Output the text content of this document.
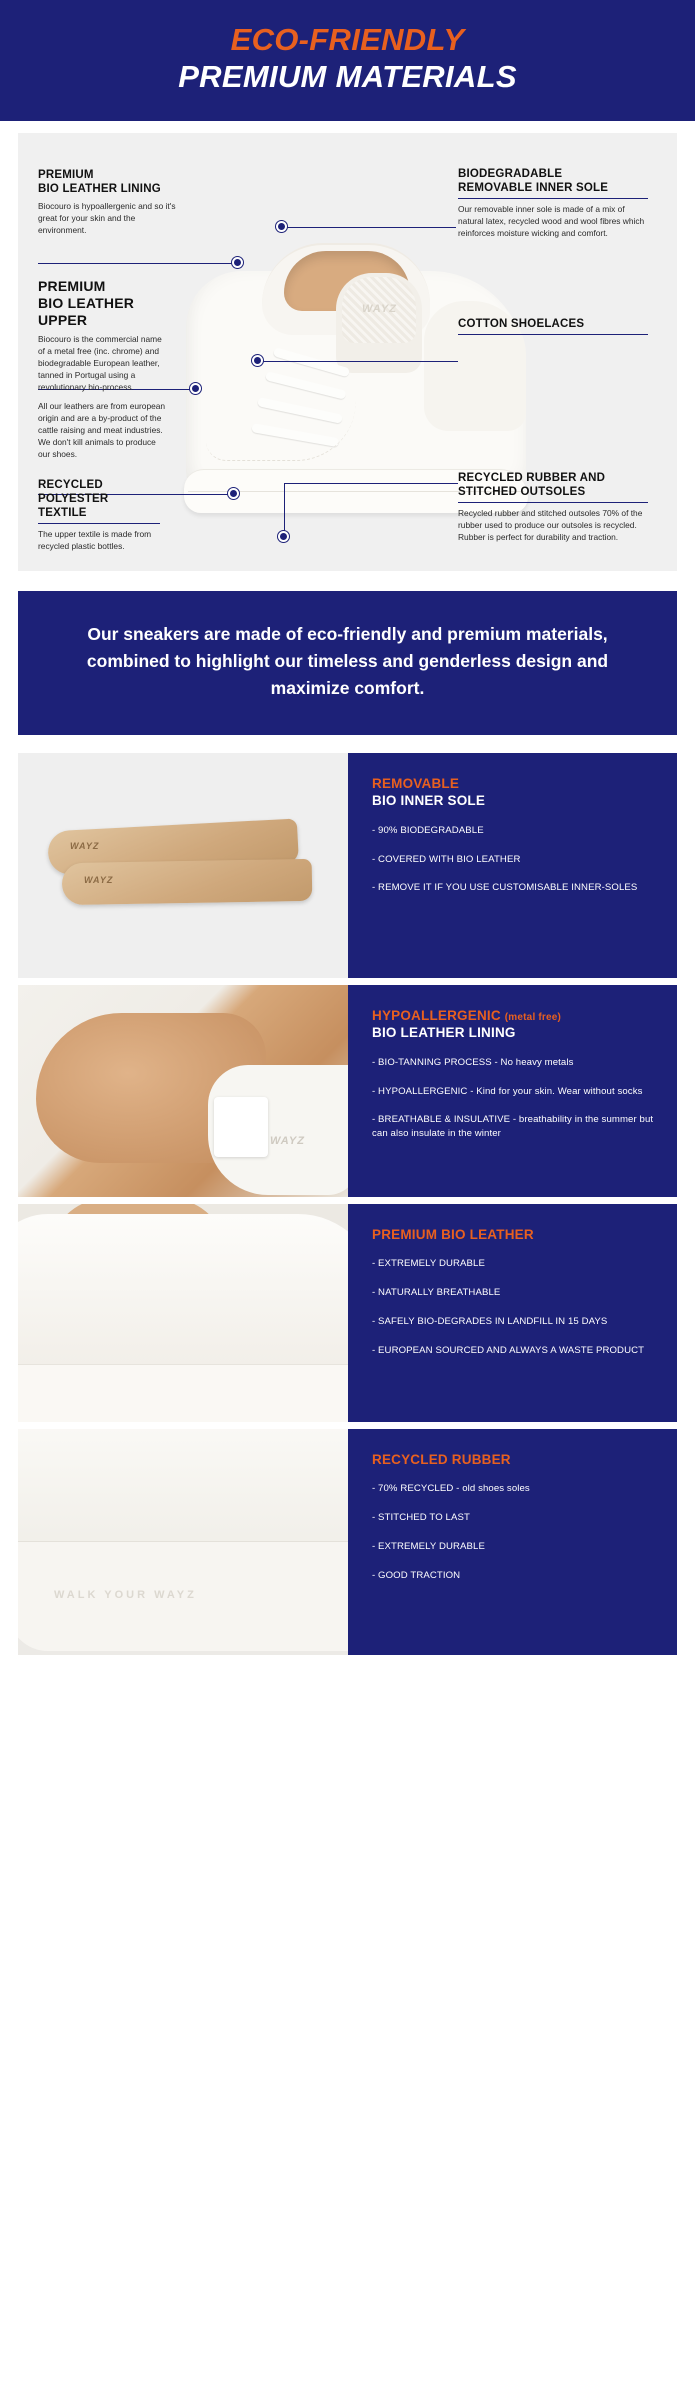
ECO-FRIENDLY
PREMIUM MATERIALS
WAYZ
PREMIUM
BIO LEATHER LINING
Biocouro is hypoallergenic and so it's great for your skin and the environment.
PREMIUM
BIO LEATHER UPPER
Biocouro is the commercial name of a metal free (inc. chrome) and biodegradable European leather, tanned in Portugal using a revolutionary bio-process.
All our leathers are from european origin and are a by-product of the cattle raising and meat industries. We don't kill animals to produce our shoes.
RECYCLED
POLYESTER TEXTILE
The upper textile is made from recycled plastic bottles.
BIODEGRADABLE
REMOVABLE INNER SOLE
Our removable inner sole is made of a mix of natural latex, recycled wood and wool fibres which reinforces moisture wicking and comfort.
COTTON SHOELACES
RECYCLED RUBBER AND
STITCHED OUTSOLES
Recycled rubber and stitched outsoles 70% of the rubber used to produce our outsoles is recycled. Rubber is perfect for durability and traction.
Our sneakers are made of eco-friendly and premium materials, combined to highlight our timeless and genderless design and maximize comfort.
WAYZ
WAYZ
REMOVABLE
BIO INNER SOLE
- 90% BIODEGRADABLE
- COVERED WITH BIO LEATHER
- REMOVE IT IF YOU USE CUSTOMISABLE INNER-SOLES
WAYZ
HYPOALLERGENIC (metal free)
BIO LEATHER LINING
- BIO-TANNING PROCESS - No heavy metals
- HYPOALLERGENIC - Kind for your skin. Wear without socks
- BREATHABLE & INSULATIVE - breathability in the summer but can also insulate in the winter
PREMIUM BIO LEATHER
- EXTREMELY DURABLE
- NATURALLY BREATHABLE
- SAFELY BIO-DEGRADES IN LANDFILL IN 15 DAYS
- EUROPEAN SOURCED AND ALWAYS A WASTE PRODUCT
WALK YOUR WAYZ
RECYCLED RUBBER
- 70% RECYCLED - old shoes soles
- STITCHED TO LAST
- EXTREMELY DURABLE
- GOOD TRACTION
